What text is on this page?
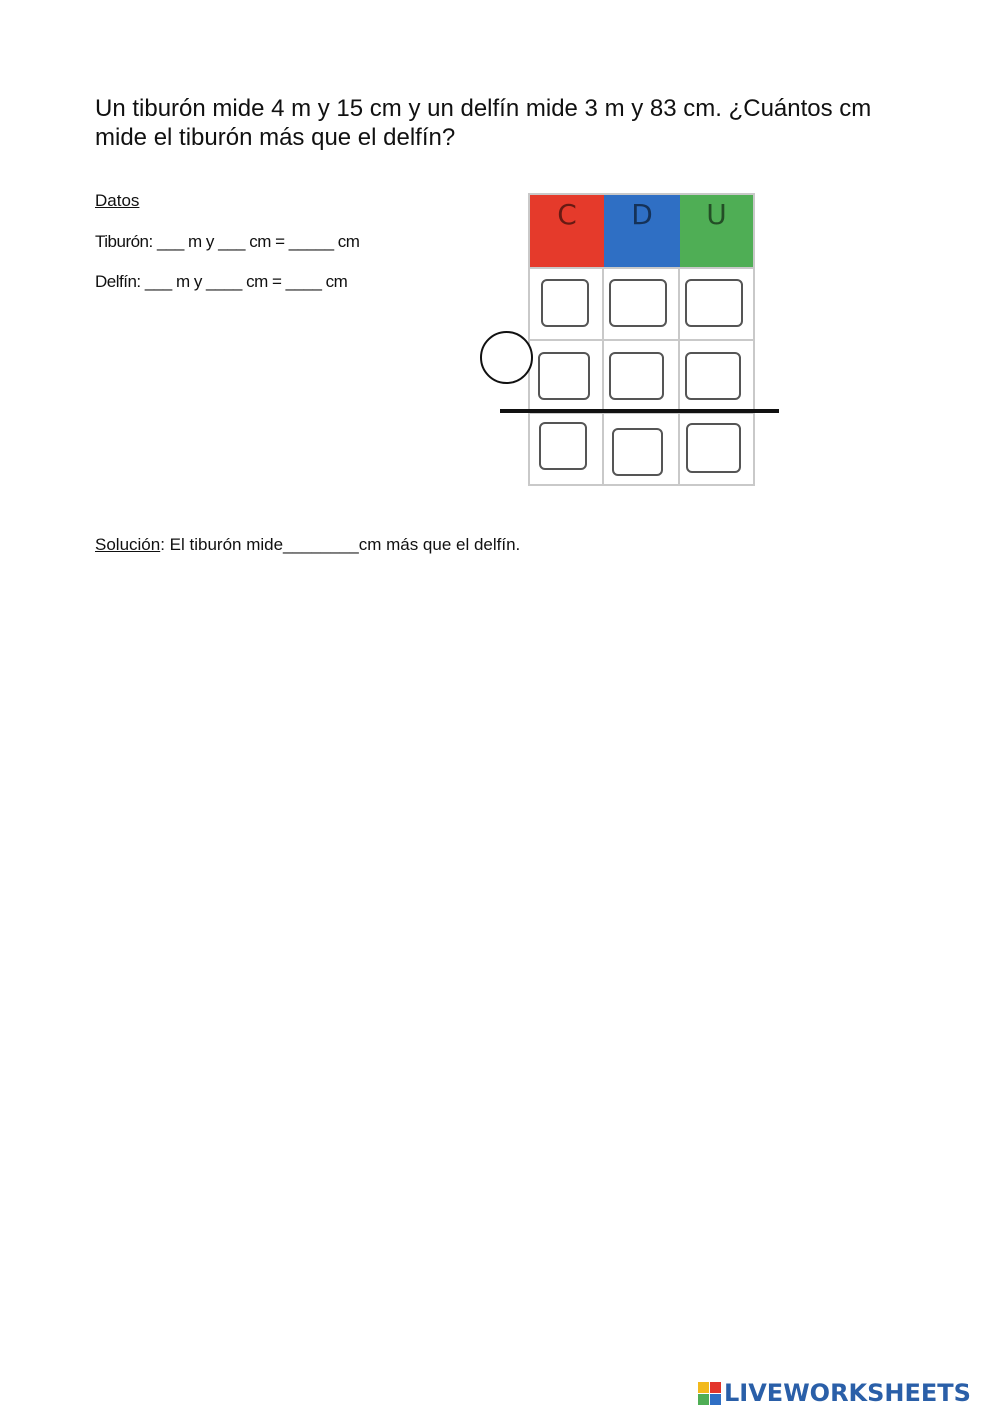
Un tiburón mide 4 m y 15 cm y un delfín mide 3 m y 83 cm. ¿Cuántos cm mide el tiburón más que el delfín?

Datos
Tiburón: ___ m y ___ cm = _____ cm
Delfín: ___ m y ____ cm = ____ cm
C	D	U
Solución: El tiburón mide________cm más que el delfín.
LIVEWORKSHEETS
